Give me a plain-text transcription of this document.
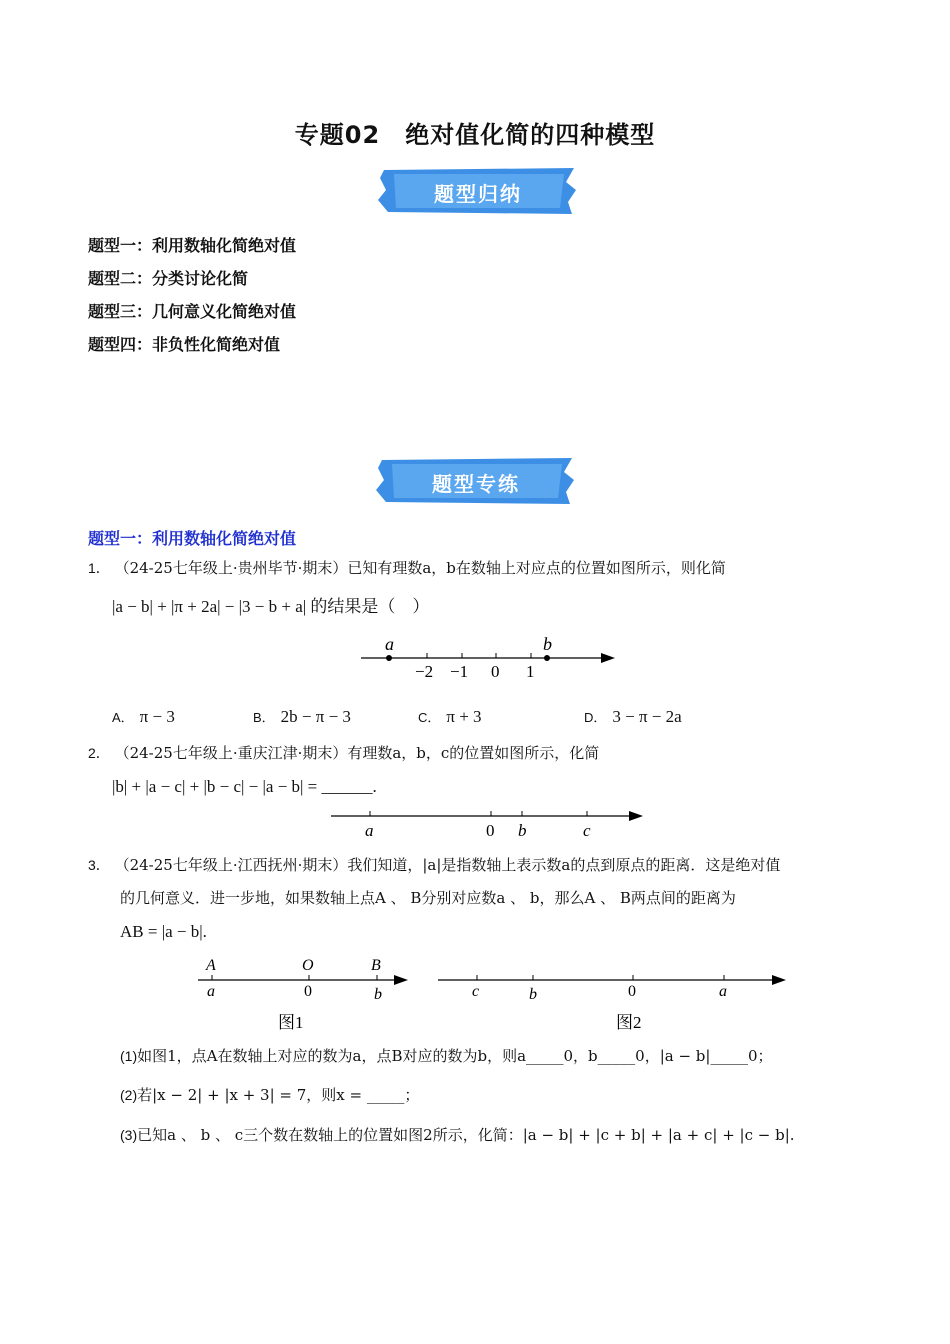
专题02　绝对值化简的四种模型
题型归纳
题型一：利用数轴化简绝对值
题型二：分类讨论化简
题型三：几何意义化简绝对值
题型四：非负性化简绝对值
题型专练
题型一：利用数轴化简绝对值
1． （24-25七年级上·贵州毕节·期末）已知有理数a，b在数轴上对应点的位置如图所示，则化简
|a − b| + |π + 2a| − |3 − b + a| 的结果是（　）
a	b
−2 −1 0 1
A． π − 3	B． 2b − π − 3	C． π + 3	D． 3 − π − 2a
2． （24-25七年级上·重庆江津·期末）有理数a，b，c的位置如图所示，化简
|b| + |a − c| + |b − c| − |a − b| = ______.
a	0 b	c
3． （24-25七年级上·江西抚州·期末）我们知道，|a|是指数轴上表示数a的点到原点的距离．这是绝对值
的几何意义．进一步地，如果数轴上点A 、 B分别对应数a 、 b，那么A 、 B两点间的距离为
AB = |a − b|.
A	O	B
a	0	b
图1
c	b	0	a
图2
(1)如图1，点A在数轴上对应的数为a，点B对应的数为b，则a_____0，b_____0，|a − b|_____0；
(2)若|x − 2| + |x + 3| = 7，则x = _____；
(3)已知a 、 b 、 c三个数在数轴上的位置如图2所示，化简：|a − b| + |c + b| + |a + c| + |c − b|.
